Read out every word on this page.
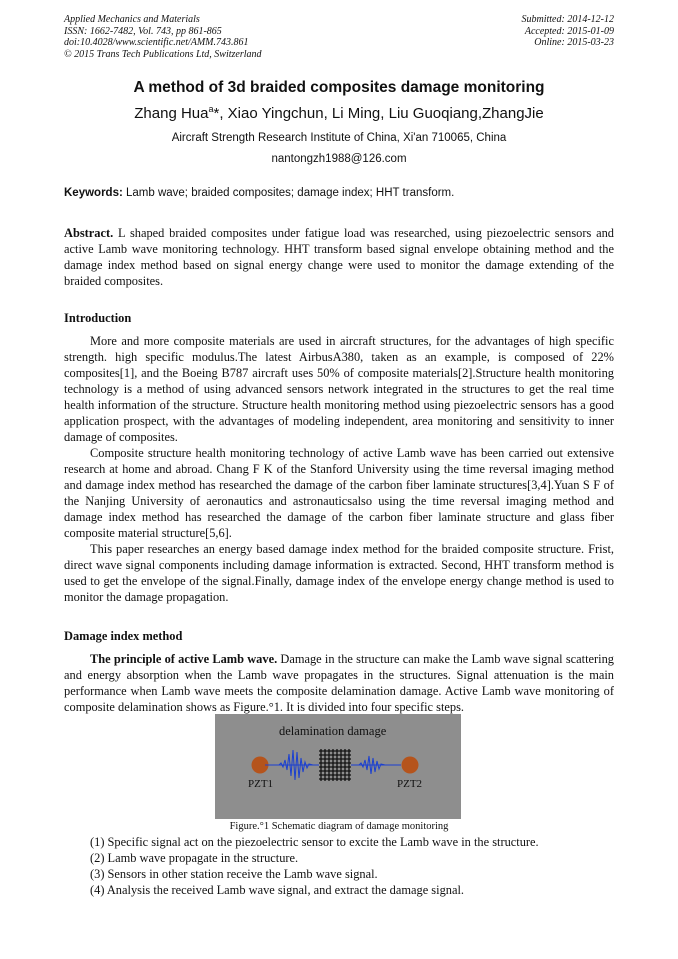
Applied Mechanics and Materials
ISSN: 1662-7482, Vol. 743, pp 861-865
doi:10.4028/www.scientific.net/AMM.743.861
© 2015 Trans Tech Publications Ltd, Switzerland
Submitted: 2014-12-12
Accepted: 2015-01-09
Online: 2015-03-23
A method of 3d braided composites damage monitoring
Zhang Hua$^a$*, Xiao Yingchun, Li Ming, Liu Guoqiang,ZhangJie
Aircraft Strength Research Institute of China, Xi'an 710065, China
nantongzh1988@126.com
Keywords: Lamb wave; braided composites; damage index; HHT transform.
Abstract. L shaped braided composites under fatigue load was researched, using piezoelectric sensors and active Lamb wave monitoring technology. HHT transform based signal envelope obtaining method and the damage index method based on signal energy change were used to monitor the damage extending of the braided composites.
Introduction

More and more composite materials are used in aircraft structures, for the advantages of high specific strength. high specific modulus.The latest AirbusA380, taken as an example, is composed of 22% composites[1], and the Boeing B787 aircraft uses 50% of composite materials[2].Structure health monitoring technology is a method of using advanced sensors network integrated in the structures to get the real time health information of the structure. Structure health monitoring method using piezoelectric sensors has a good application prospect, with the advantages of modeling independent, area monitoring and sensitivity to inner damage of composites.

Composite structure health monitoring technology of active Lamb wave has been carried out extensive research at home and abroad. Chang F K of the Stanford University using the time reversal imaging method and damage index method has researched the damage of the carbon fiber laminate structures[3,4].Yuan S F of the Nanjing University of aeronautics and astronauticsalso using the time reversal imaging method and damage index method has researched the damage of the carbon fiber laminate structure and glass fiber composite material structure[5,6].

This paper researches an energy based damage index method for the braided composite structure. Frist, direct wave signal components including damage information is extracted. Second, HHT transform method is used to get the envelope of the signal.Finally, damage index of the envelope energy change method is used to monitor the damage propagation.

Damage index method

The principle of active Lamb wave. Damage in the structure can make the Lamb wave signal scattering and energy absorption when the Lamb wave propagates in the structures. Signal attenuation is the main performance when Lamb wave meets the composite delamination damage. Active Lamb wave monitoring of composite delamination shows as Figure.°1. It is divided into four specific steps.

delamination damage
PZT1	PZT2
Figure.°1 Schematic diagram of damage monitoring
(1) Specific signal act on the piezoelectric sensor to excite the Lamb wave in the structure.
(2) Lamb wave propagate in the structure.
(3) Sensors in other station receive the Lamb wave signal.
(4) Analysis the received Lamb wave signal, and extract the damage signal.
